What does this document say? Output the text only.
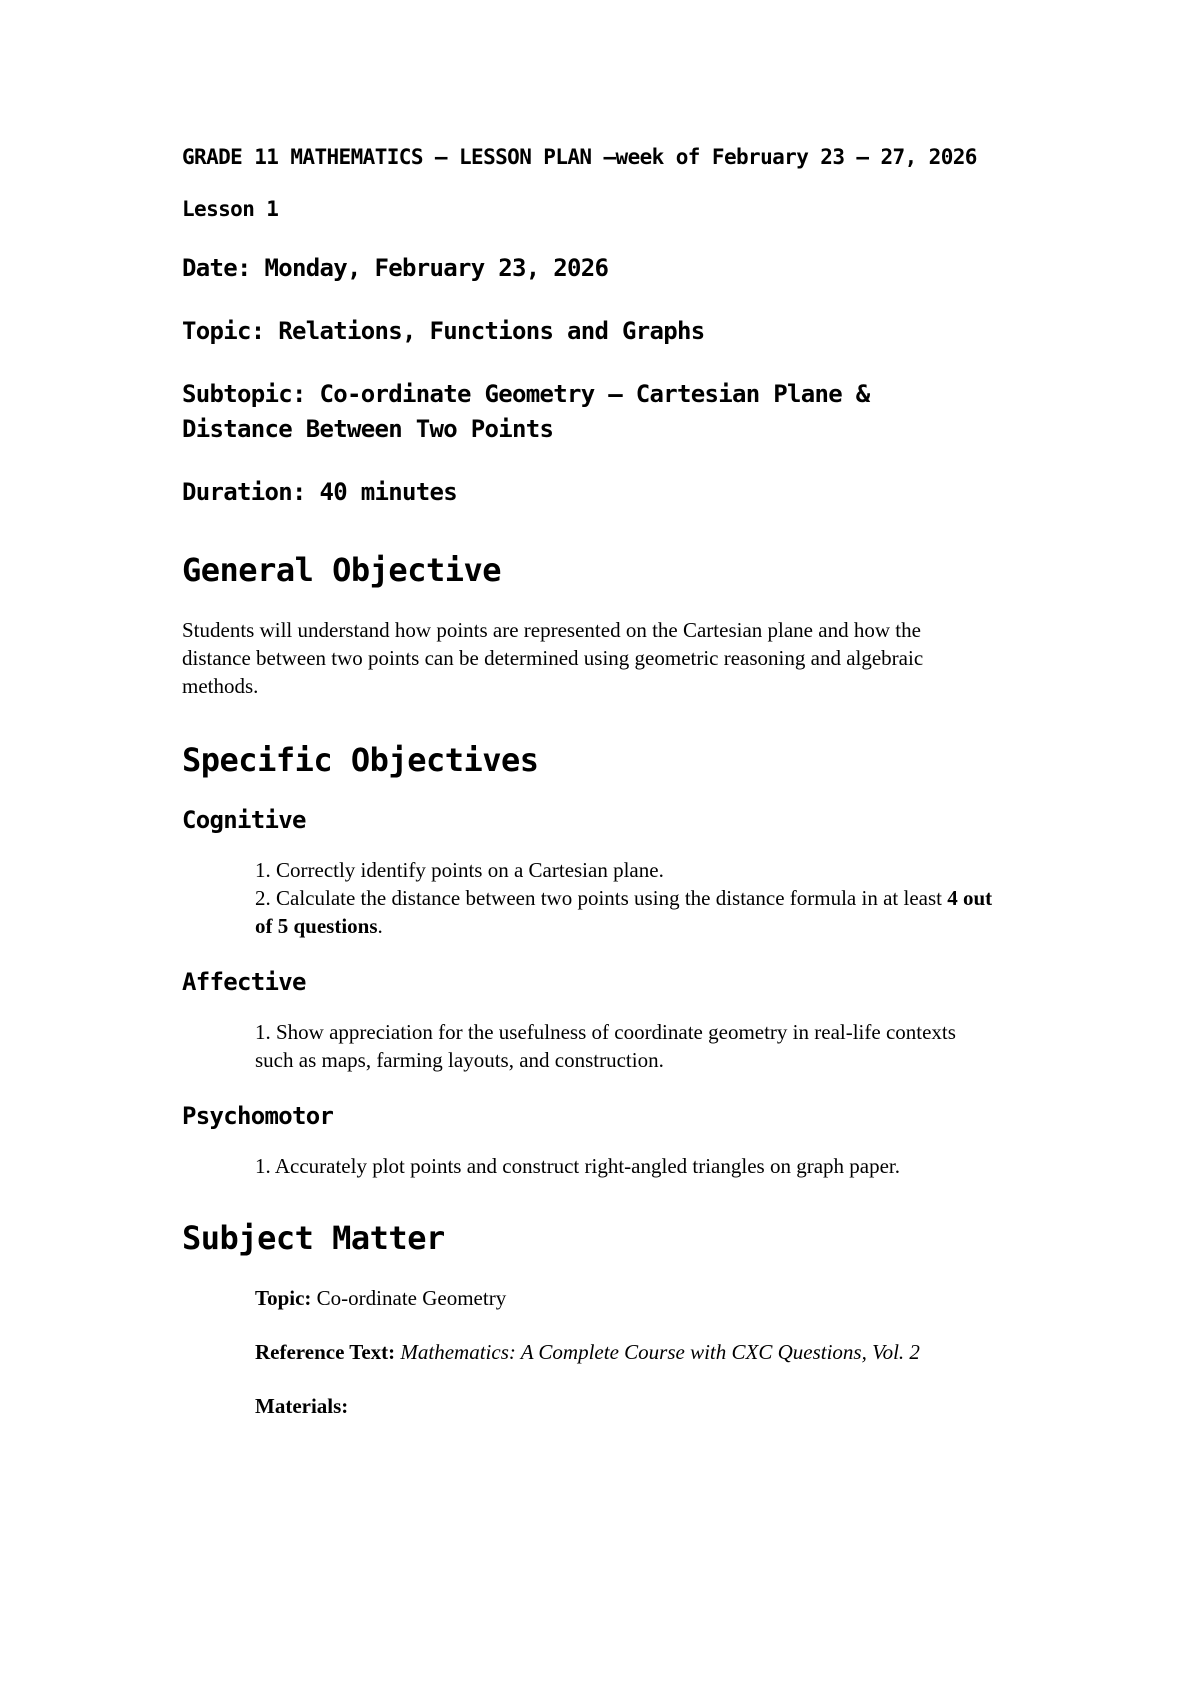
GRADE 11 MATHEMATICS – LESSON PLAN –week of February 23 – 27, 2026
Lesson 1
Date: Monday, February 23, 2026
Topic: Relations, Functions and Graphs
Subtopic: Co-ordinate Geometry – Cartesian Plane & Distance Between Two Points
Duration: 40 minutes
General Objective

Students will understand how points are represented on the Cartesian plane and how the distance between two points can be determined using geometric reasoning and algebraic methods.

Specific Objectives
Cognitive
1. Correctly identify points on a Cartesian plane.
2. Calculate the distance between two points using the distance formula in at least 4 out of 5 questions.
Affective
1. Show appreciation for the usefulness of coordinate geometry in real-life contexts such as maps, farming layouts, and construction.
Psychomotor
1. Accurately plot points and construct right-angled triangles on graph paper.
Subject Matter
Topic: Co-ordinate Geometry
Reference Text: Mathematics: A Complete Course with CXC Questions, Vol. 2
Materials:
